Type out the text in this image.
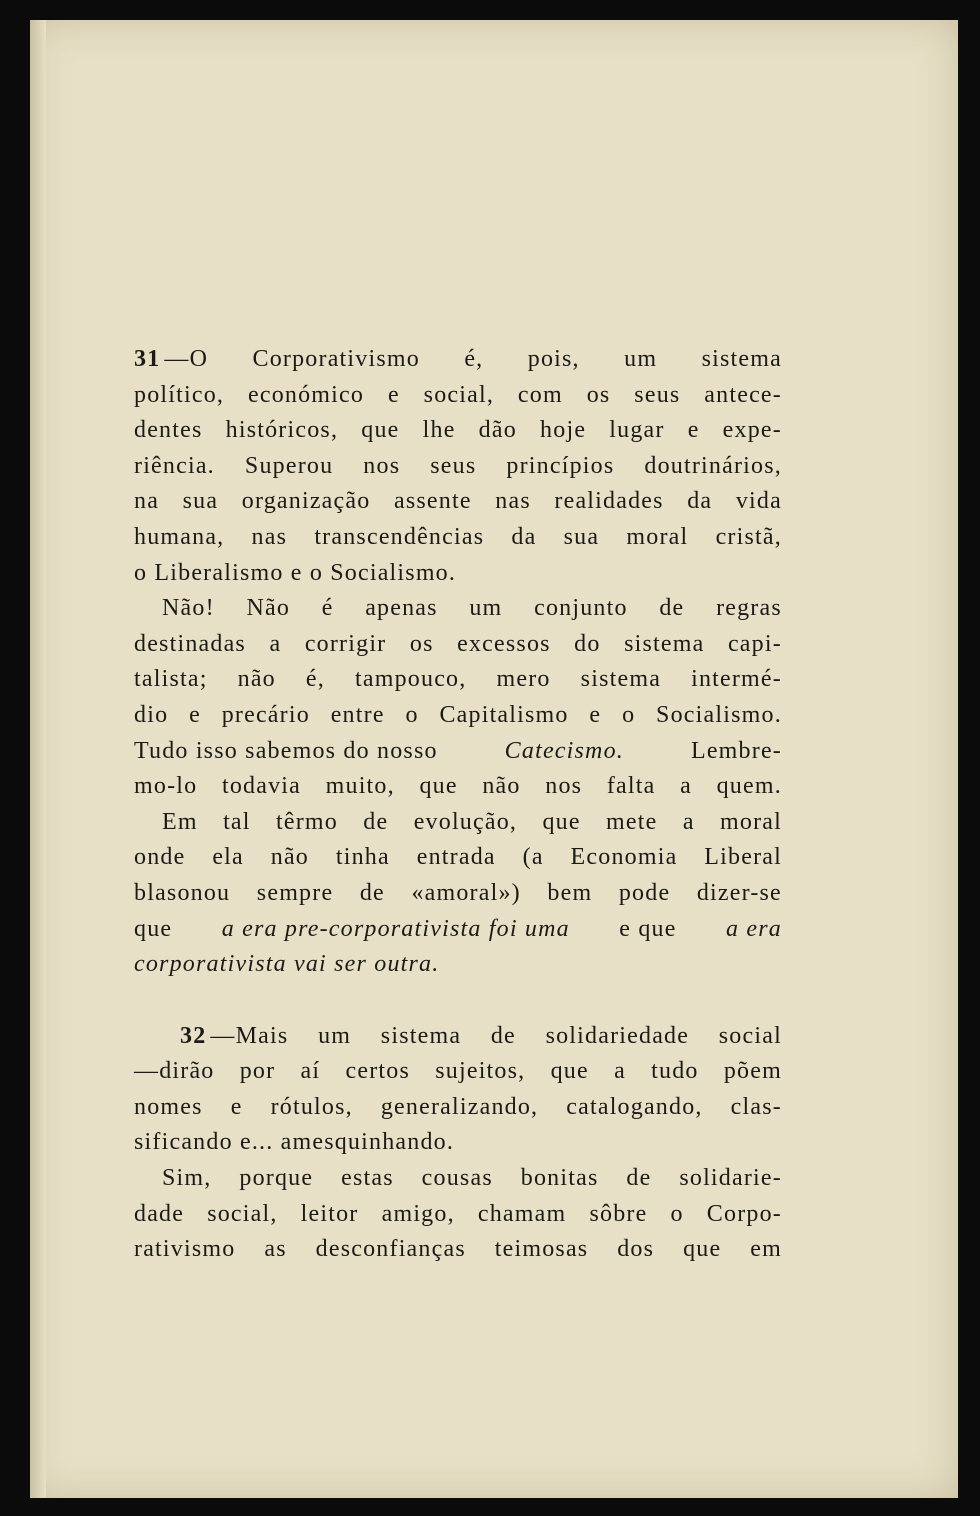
31 —O Corporativismo é, pois, um sistema
político, económico e social, com os seus antece-
dentes históricos, que lhe dão hoje lugar e expe-
riência. Superou nos seus princípios doutrinários,
na sua organização assente nas realidades da vida
humana, nas transcendências da sua moral cristã,
o Liberalismo e o Socialismo.
Não! Não é apenas um conjunto de regras
destinadas a corrigir os excessos do sistema capi-
talista; não é, tampouco, mero sistema intermé-
dio e precário entre o Capitalismo e o Socialismo.
Tudo isso sabemos do nosso	Catecismo.	Lembre-
mo-lo todavia muito, que não nos falta a quem.
Em tal têrmo de evolução, que mete a moral
onde ela não tinha entrada (a Economia Liberal
blasonou sempre de «amoral») bem pode dizer-se
que a era pre-corporativista foi uma e que a era
corporativista vai ser outra.
32 —Mais um sistema de solidariedade social
—dirão por aí certos sujeitos, que a tudo põem
nomes e rótulos, generalizando, catalogando, clas-
sificando e... amesquinhando.
Sim, porque estas cousas bonitas de solidarie-
dade social, leitor amigo, chamam sôbre o Corpo-
rativismo as desconfianças teimosas dos que em
